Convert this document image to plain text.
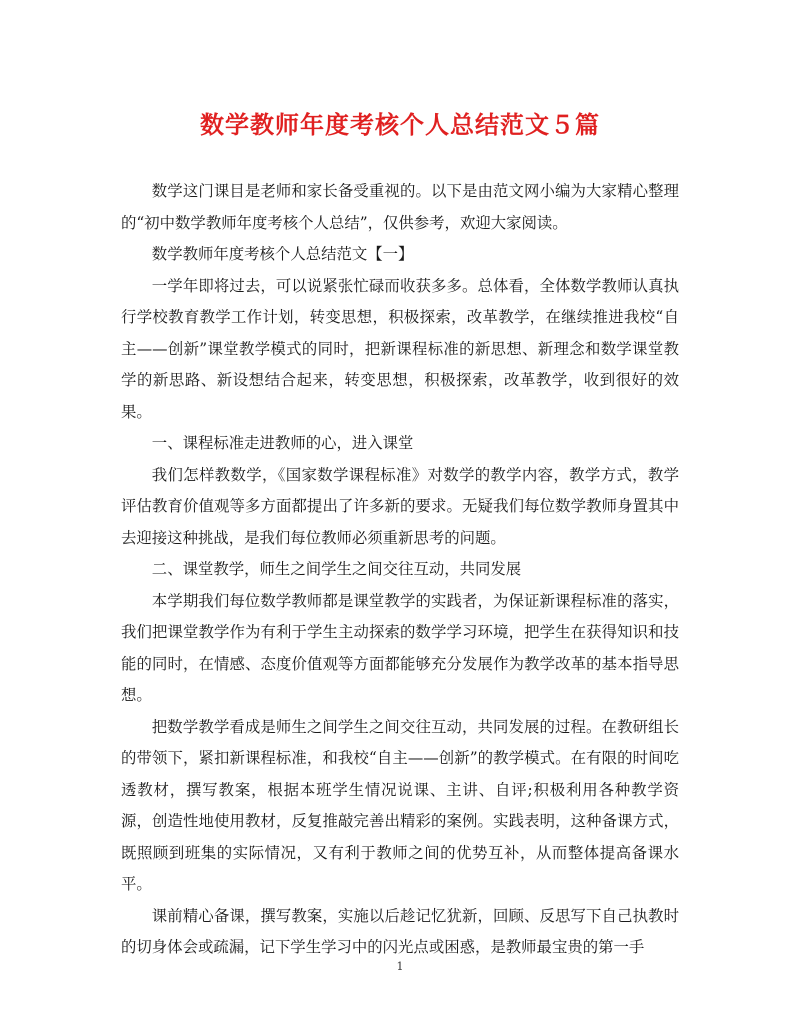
数学教师年度考核个人总结范文５篇

数学这门课目是老师和家长备受重视的。以下是由范文网小编为大家精心整理的“初中数学教师年度考核个人总结”，仅供参考，欢迎大家阅读。

数学教师年度考核个人总结范文【一】

一学年即将过去，可以说紧张忙碌而收获多多。总体看，全体数学教师认真执行学校教育教学工作计划，转变思想，积极探索，改革教学，在继续推进我校“自主——创新”课堂教学模式的同时，把新课程标准的新思想、新理念和数学课堂教学的新思路、新设想结合起来，转变思想，积极探索，改革教学，收到很好的效果。

一、课程标准走进教师的心，进入课堂

我们怎样教数学，《国家数学课程标准》对数学的教学内容，教学方式，教学评估教育价值观等多方面都提出了许多新的要求。无疑我们每位数学教师身置其中去迎接这种挑战，是我们每位教师必须重新思考的问题。

二、课堂教学，师生之间学生之间交往互动，共同发展

本学期我们每位数学教师都是课堂教学的实践者，为保证新课程标准的落实，我们把课堂教学作为有利于学生主动探索的数学学习环境，把学生在获得知识和技能的同时，在情感、态度价值观等方面都能够充分发展作为教学改革的基本指导思想。

把数学教学看成是师生之间学生之间交往互动，共同发展的过程。在教研组长的带领下，紧扣新课程标准，和我校“自主——创新”的教学模式。在有限的时间吃透教材，撰写教案，根据本班学生情况说课、主讲、自评;积极利用各种教学资源，创造性地使用教材，反复推敲完善出精彩的案例。实践表明，这种备课方式，既照顾到班集的实际情况，又有利于教师之间的优势互补，从而整体提高备课水平。

课前精心备课，撰写教案，实施以后趁记忆犹新，回顾、反思写下自己执教时的切身体会或疏漏，记下学生学习中的闪光点或困惑，是教师最宝贵的第一手

1
